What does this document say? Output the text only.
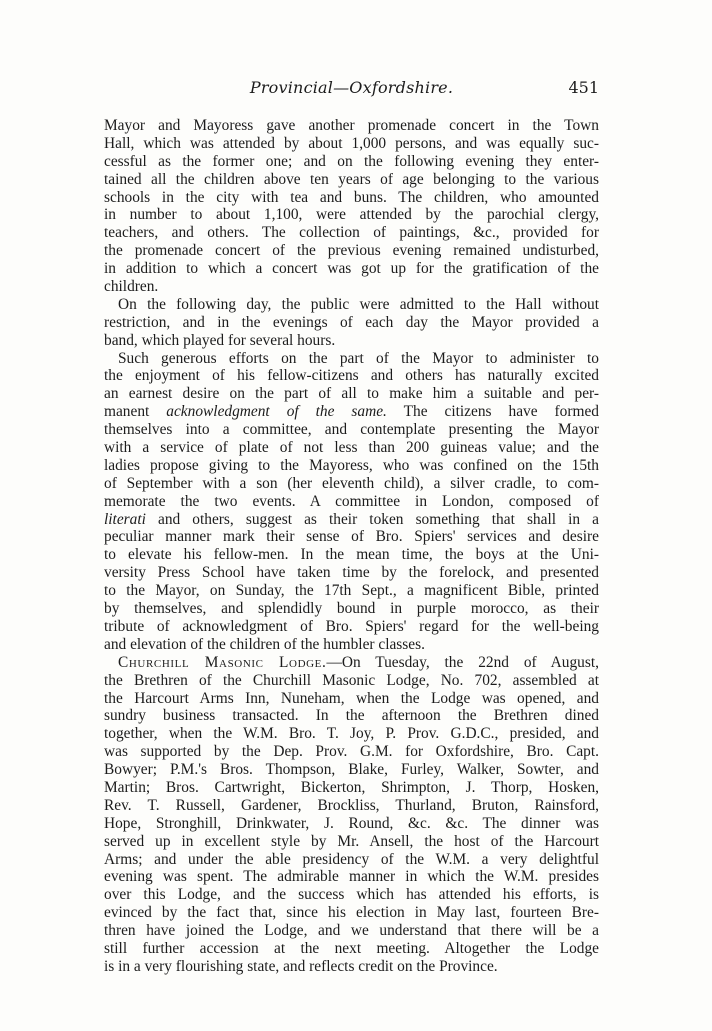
Provincial—Oxfordshire.	451
Mayor and Mayoress gave another promenade concert in the Town
Hall, which was attended by about 1,000 persons, and was equally suc-
cessful as the former one; and on the following evening they enter-
tained all the children above ten years of age belonging to the various
schools in the city with tea and buns. The children, who amounted
in number to about 1,100, were attended by the parochial clergy,
teachers, and others. The collection of paintings, &c., provided for
the promenade concert of the previous evening remained undisturbed,
in addition to which a concert was got up for the gratification of the
children.
On the following day, the public were admitted to the Hall without
restriction, and in the evenings of each day the Mayor provided a
band, which played for several hours.
Such generous efforts on the part of the Mayor to administer to
the enjoyment of his fellow-citizens and others has naturally excited
an earnest desire on the part of all to make him a suitable and per-
manent acknowledgment of the same. The citizens have formed
themselves into a committee, and contemplate presenting the Mayor
with a service of plate of not less than 200 guineas value; and the
ladies propose giving to the Mayoress, who was confined on the 15th
of September with a son (her eleventh child), a silver cradle, to com-
memorate the two events. A committee in London, composed of
literati and others, suggest as their token something that shall in a
peculiar manner mark their sense of Bro. Spiers' services and desire
to elevate his fellow-men. In the mean time, the boys at the Uni-
versity Press School have taken time by the forelock, and presented
to the Mayor, on Sunday, the 17th Sept., a magnificent Bible, printed
by themselves, and splendidly bound in purple morocco, as their
tribute of acknowledgment of Bro. Spiers' regard for the well-being
and elevation of the children of the humbler classes.
Churchill Masonic Lodge.—On Tuesday, the 22nd of August,
the Brethren of the Churchill Masonic Lodge, No. 702, assembled at
the Harcourt Arms Inn, Nuneham, when the Lodge was opened, and
sundry business transacted. In the afternoon the Brethren dined
together, when the W.M. Bro. T. Joy, P. Prov. G.D.C., presided, and
was supported by the Dep. Prov. G.M. for Oxfordshire, Bro. Capt.
Bowyer; P.M.'s Bros. Thompson, Blake, Furley, Walker, Sowter, and
Martin; Bros. Cartwright, Bickerton, Shrimpton, J. Thorp, Hosken,
Rev. T. Russell, Gardener, Brockliss, Thurland, Bruton, Rainsford,
Hope, Stronghill, Drinkwater, J. Round, &c. &c. The dinner was
served up in excellent style by Mr. Ansell, the host of the Harcourt
Arms; and under the able presidency of the W.M. a very delightful
evening was spent. The admirable manner in which the W.M. presides
over this Lodge, and the success which has attended his efforts, is
evinced by the fact that, since his election in May last, fourteen Bre-
thren have joined the Lodge, and we understand that there will be a
still further accession at the next meeting. Altogether the Lodge
is in a very flourishing state, and reflects credit on the Province.
